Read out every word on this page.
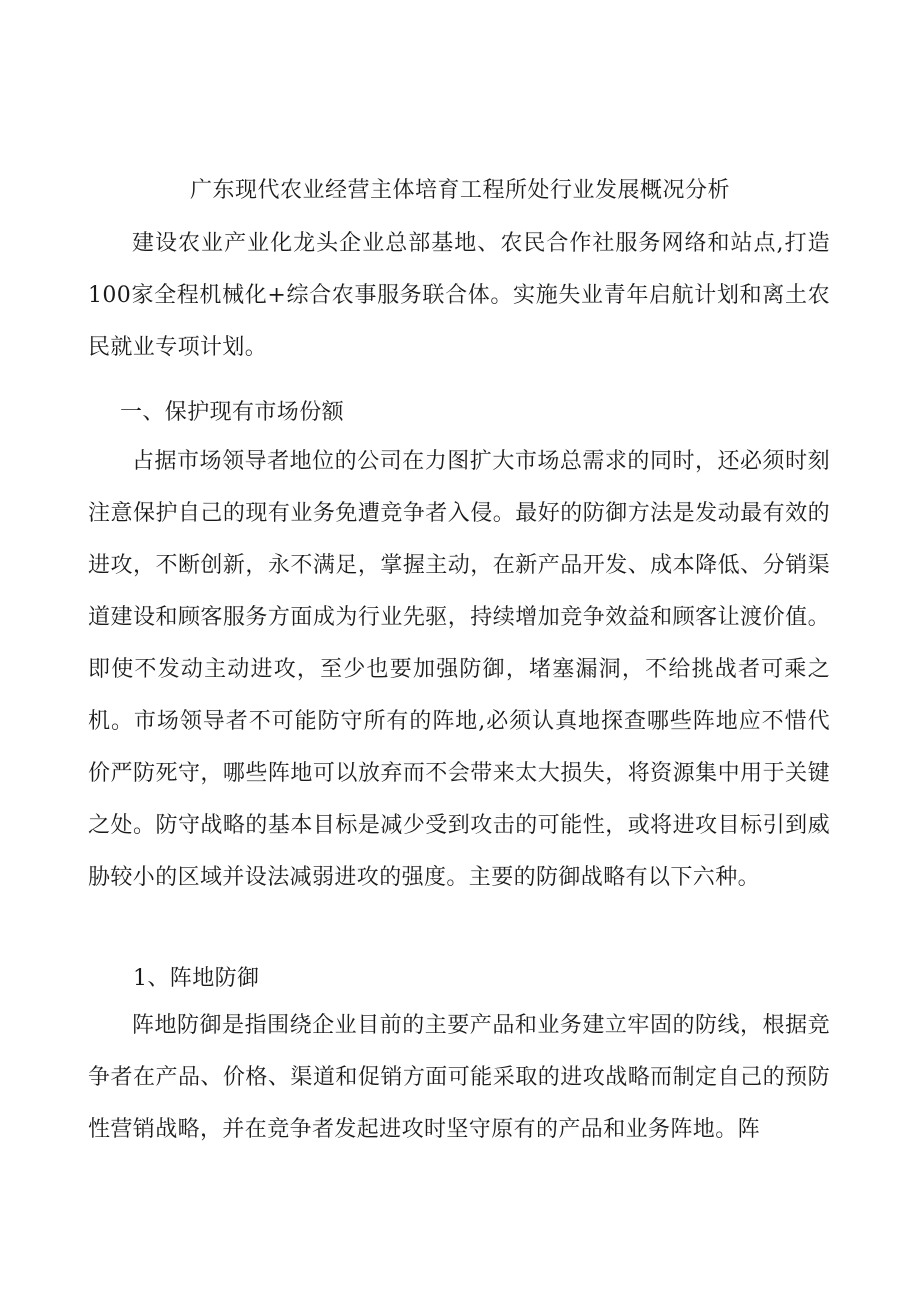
广东现代农业经营主体培育工程所处行业发展概况分析

建设农业产业化龙头企业总部基地、农民合作社服务网络和站点,打造100家全程机械化+综合农事服务联合体。实施失业青年启航计划和离土农民就业专项计划。

一、保护现有市场份额

占据市场领导者地位的公司在力图扩大市场总需求的同时，还必须时刻注意保护自己的现有业务免遭竞争者入侵。最好的防御方法是发动最有效的进攻，不断创新，永不满足，掌握主动，在新产品开发、成本降低、分销渠道建设和顾客服务方面成为行业先驱，持续增加竞争效益和顾客让渡价值。即使不发动主动进攻，至少也要加强防御，堵塞漏洞，不给挑战者可乘之机。市场领导者不可能防守所有的阵地,必须认真地探查哪些阵地应不惜代价严防死守，哪些阵地可以放弃而不会带来太大损失，将资源集中用于关键之处。防守战略的基本目标是减少受到攻击的可能性，或将进攻目标引到威胁较小的区域并设法减弱进攻的强度。主要的防御战略有以下六种。

1、阵地防御

阵地防御是指围绕企业目前的主要产品和业务建立牢固的防线，根据竞争者在产品、价格、渠道和促销方面可能采取的进攻战略而制定自己的预防性营销战略，并在竞争者发起进攻时坚守原有的产品和业务阵地。阵
